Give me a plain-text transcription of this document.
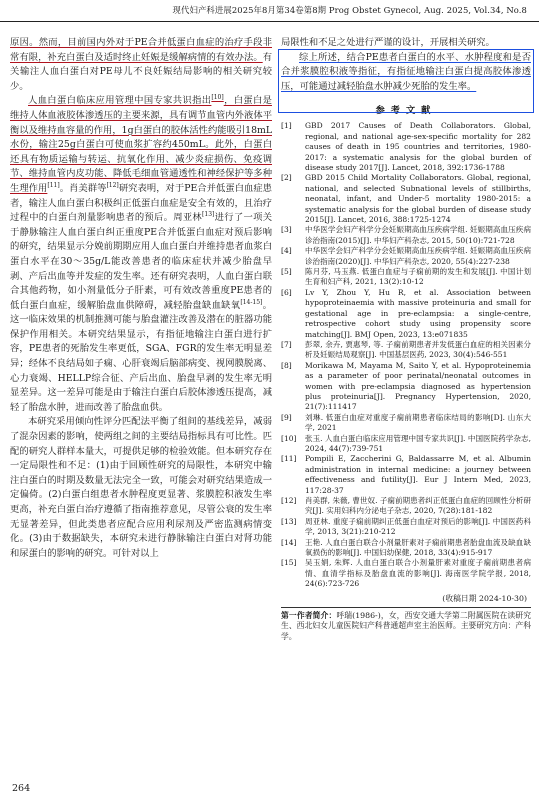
现代妇产科进展2025年8月第34卷第8期 Prog Obstet Gynecol, Aug. 2025, Vol.34, No.8

原因。然而，目前国内外对于PE合并低蛋白血症的治疗手段非常有限，补充白蛋白及适时终止妊娠是缓解病情的有效办法。有关输注人血白蛋白对PE母儿不良妊娠结局影响的相关研究较少。

人血白蛋白临床应用管理中国专家共识指出[10]，白蛋白是维持人体血液胶体渗透压的主要来源，具有调节血管内外液体平衡以及维持血容量的作用，1g白蛋白的胶体活性约能吸引18mL水份，输注25g白蛋白可使血浆扩容约450mL。此外，白蛋白还具有物质运输与转运、抗氧化作用、减少炎症损伤、免疫调节、维持血管内皮功能、降低毛细血管通透性和神经保护等多种生理作用[11]。肖美群等[12]研究表明，对于PE合并低蛋白血症患者，输注人血白蛋白积极纠正低蛋白血症是安全有效的，且治疗过程中的白蛋白剂量影响患者的预后。周亚林[13]进行了一项关于静脉输注人血白蛋白纠正重度PE合并低蛋白血症对预后影响的研究，结果显示分娩前期期应用人血白蛋白并维持患者血浆白蛋白水平在30～35g/L能改善患者的临床症状并减少胎盘早剥、产后出血等并发症的发生率。还有研究表明，人血白蛋白联合其他药物，如小剂量低分子肝素，可有效改善重度PE患者的低白蛋白血症，缓解胎盘血供障碍，减轻胎盘缺血缺氧[14-15]。这一临床效果的机制推测可能与胎盘灌注改善及潜在的脏器功能保护作用相关。本研究结果显示，有指征地输注白蛋白进行扩容，PE患者的死胎发生率更低，SGA、FGR的发生率无明显差异；经体不良结局如子痫、心肝衰竭后脑部病变、视网膜脱离、心力衰竭、HELLP综合征、产后出血、胎盘早剥的发生率无明显差异。这一差异可能是由于输注白蛋白后胶体渗透压提高，减轻了胎盘水肿，进而改善了胎盘血供。

本研究采用倾向性评分匹配法平衡了组间的基线差异，减弱了混杂因素的影响，使两组之间的主要结局指标具有可比性。匹配的研究人群样本量大，可提供足够的检验效能。但本研究存在一定局限性和不足：(1)由于回顾性研究的局限性，本研究中输注白蛋白的时期及数量无法完全一致，可能会对研究结果造成一定偏倚。(2)白蛋白组患者水肿程度更显著、浆膜腔积液发生率更高，补充白蛋白治疗遵循了指南推荐意见，尽管公衰的发生率无显著差异，但此类患者应配合应用利尿剂及严密监测病情变化。(3)由于数据缺失，本研究未进行静脉输注白蛋白对肾功能和尿蛋白的影响的研究。可针对以上

局限性和不足之处进行严谨的设计，开展相关研究。

综上所述，结合PE患者白蛋白的水平、水肿程度和是否合并浆膜腔积液等指征，有指征地输注白蛋白提高胶体渗透压，可能通过减轻胎盘水肿减少死胎的发生率。

参考文献

[1] GBD 2017 Causes of Death Collaborators. Global, regional, and national age-sex-specific mortality for 282 causes of death in 195 countries and territories, 1980-2017: a systematic analysis for the global burden of disease study 2017[J]. Lancet, 2018, 392:1736-1788

[2] GBD 2015 Child Mortality Collaborators. Global, regional, national, and selected Subnational levels of stillbirths, neonatal, infant, and Under-5 mortality 1980-2015: a systematic analysis for the global burden of disease study 2015[J]. Lancet, 2016, 388:1725-1274

[3] 中华医学会妇产科学分会妊娠期高血压疾病学组. 妊娠期高血压疾病诊治指南(2015)[J]. 中华妇产科杂志, 2015, 50(10):721-728

[4] 中华医学会妇产科学分会妊娠期高血压疾病学组. 妊娠期高血压疾病诊治指南(2020)[J]. 中华妇产科杂志, 2020, 55(4):227-238

[5] 陈月芬, 马玉燕. 低蛋白血症与子痫前期的发生和发展[J]. 中国计划生育和妇产科, 2021, 13(2):10-12

[6] Lv Y, Zhou Y, Hu R, et al. Association between hypoproteinaemia with massive proteinuria and small for gestational age in pre-eclampsia: a single-centre, retrospective cohort study using propensity score matching[J]. BMJ Open, 2023, 13:e071835

[7] 彭翠, 余卉, 贾惠琴, 等. 子痫前期患者并发低蛋白血症的相关因素分析及妊娠结局观察[J]. 中国基层医药, 2023, 30(4):546-551

[8] Morikawa M, Mayama M, Saito Y, et al. Hypoproteinemia as a parameter of poor perinatal/neonatal outcomes in women with pre-eclampsia diagnosed as hypertension plus proteinuria[J]. Pregnancy Hypertension, 2020, 21(7):111417

[9] 刘琳. 低蛋白血症对重度子痫前期患者临床结局的影响[D]. 山东大学, 2021

[10] 张玉. 人血白蛋白临床应用管理中国专家共识[J]. 中国医院药学杂志, 2024, 44(7):739-751

[11] Pompili E, Zaccherini G, Baldassarre M, et al. Albumin administration in internal medicine: a journey between effectiveness and futility[J]. Eur J Intern Med, 2023, 117:28-37

[12] 肖美群, 朱薇, 曹世奴. 子痫前期患者纠正低蛋白血症的回顾性分析研究[J]. 实用妇科内分泌电子杂志, 2020, 7(28):181-182

[13] 周亚林. 重度子痫前期纠正低蛋白血症对预后的影响[J]. 中国医药科学, 2013, 3(21):210-212

[14] 王艳. 人血白蛋白联合小剂量肝素对子痫前期患者胎盘血流及缺血缺氧损伤的影响[J]. 中国妇幼保健, 2018, 33(4):915-917

[15] 吴玉娟, 朱辉. 人血白蛋白联合小剂量肝素对重度子痫前期患者病情、血清学指标及胎盘血流的影响[J]. 海南医学院学报, 2018, 24(6):723-726

(收稿日期 2024-10-30)

第一作者简介：呼瑞(1986-)，女，西安交通大学第二附属医院在读研究生、西北妇女儿童医院妇产科普通超声室主治医师。主要研究方向：产科学。

264
